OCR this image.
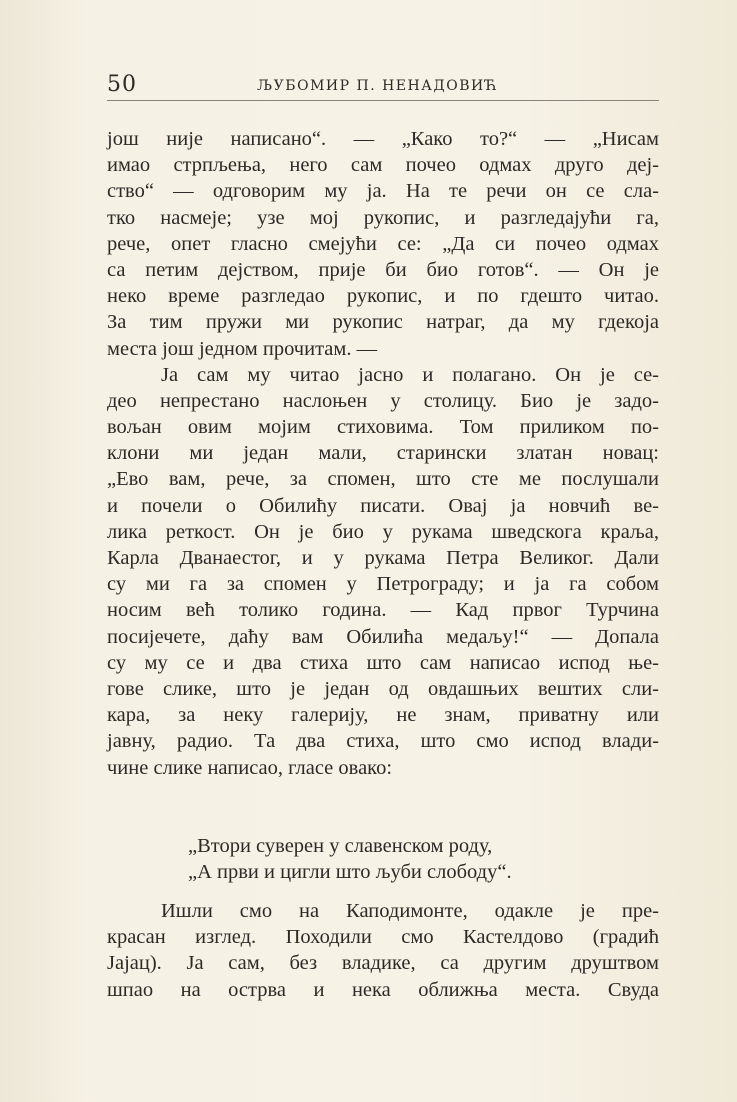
50	ЉУБОМИР П. НЕНАДОВИЋ
још није написано“. — „Како то?“ — „Нисам
имао стрпљења, него сам почео одмах друго деј-
ство“ — одговорим му ја. На те речи он се сла-
тко насмеје; узе мој рукопис, и разгледајући га,
рече, опет гласно смејући се: „Да си почео одмах
са петим дејством, прије би био готов“. — Он је
неко време разгледао рукопис, и по гдешто читао.
За тим пружи ми рукопис натраг, да му гдекоја
места још једном прочитам. —
Ја сам му читао јасно и полагано. Он је се-
део непрестано наслоњен у столицу. Био је задо-
вољан овим мојим стиховима. Том приликом по-
клони ми један мали, старински златан новац:
„Ево вам, рече, за спомен, што сте ме послушали
и почели о Обилићу писати. Овај ја новчић ве-
лика реткост. Он је био у рукама шведскога краља,
Карла Дванаестог, и у рукама Петра Великог. Дали
су ми га за спомен у Петрограду; и ја га собом
носим већ толико година. — Кад првог Турчина
посијечете, даћу вам Обилића медаљу!“ — Допала
су му се и два стиха што сам написао испод ње-
гове слике, што је један од овдашњих вештих сли-
кара, за неку галерију, не знам, приватну или
јавну, радио. Та два стиха, што смо испод влади-
чине слике написао, гласе овако:
„Втори суверен у славенском роду,
„А први и цигли што љуби слободу“.
Ишли смо на Каподимонте, одакле је пре-
красан изглед. Походили смо Кастелдово (градић
Јајац). Ја сам, без владике, са другим друштвом
шпао на острва и нека оближња места. Свуда
